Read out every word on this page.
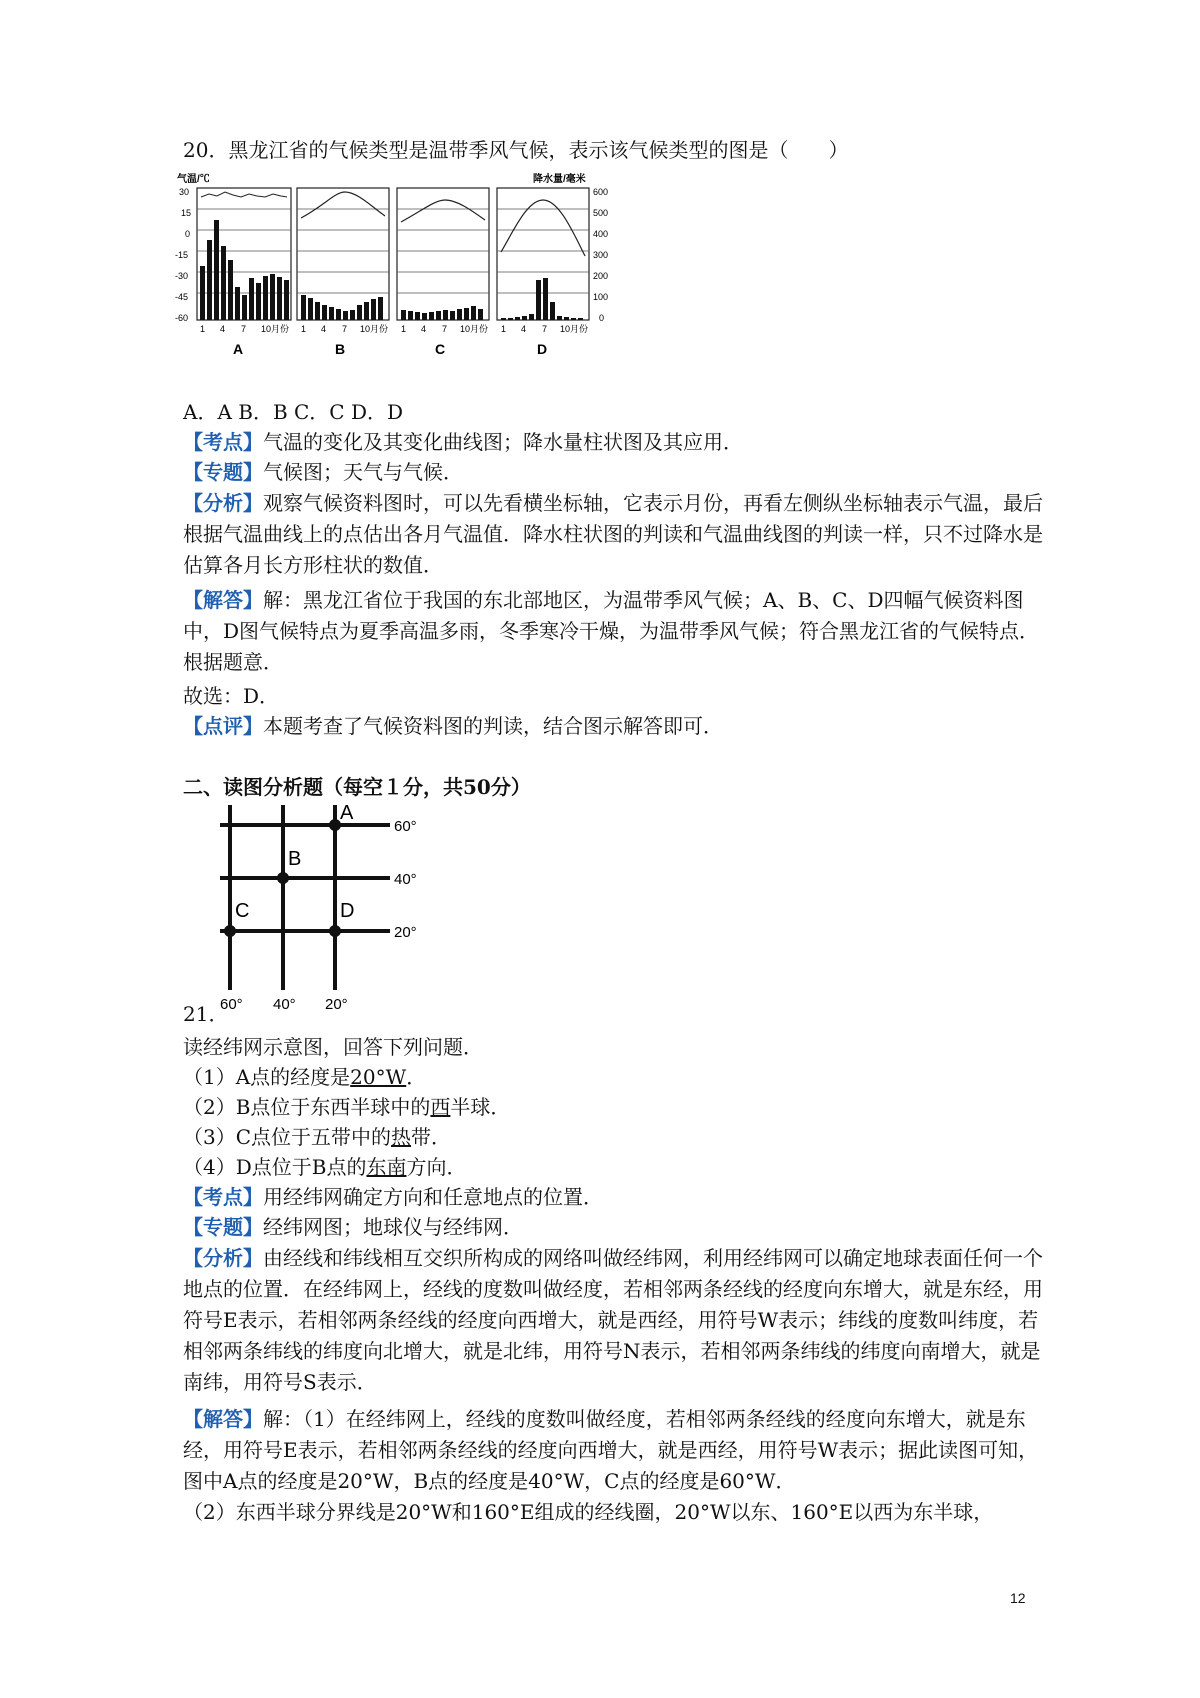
20．黑龙江省的气候类型是温带季风气候，表示该气候类型的图是（　　）
气温/℃	降水量/毫米
30
15
0
-15
-30
-45
-60
600
500
400
300
200
100
0
1 4 7 10月份 1 4 7 10月份 1 4 7 10月份 1 4 7 10月份
A	B	C	D
A．A B．B C．C D．D
【考点】气温的变化及其变化曲线图；降水量柱状图及其应用．
【专题】气候图；天气与气候．
【分析】观察气候资料图时，可以先看横坐标轴，它表示月份，再看左侧纵坐标轴表示气温，最后根据气温曲线上的点估出各月气温值．降水柱状图的判读和气温曲线图的判读一样，只不过降水是估算各月长方形柱状的数值．
【解答】解：黑龙江省位于我国的东北部地区，为温带季风气候；A、B、C、D四幅气候资料图中，D图气候特点为夏季高温多雨，冬季寒冷干燥，为温带季风气候；符合黑龙江省的气候特点．根据题意．
故选：D．
【点评】本题考查了气候资料图的判读，结合图示解答即可．
二、读图分析题（每空１分，共50分）
A
B
C	D
60°
40°
20°
60° 40° 20°
21．
读经纬网示意图，回答下列问题．
（1）A点的经度是20°W．
（2）B点位于东西半球中的西半球．
（3）C点位于五带中的热带．
（4）D点位于B点的东南方向．
【考点】用经纬网确定方向和任意地点的位置．
【专题】经纬网图；地球仪与经纬网．
【分析】由经线和纬线相互交织所构成的网络叫做经纬网，利用经纬网可以确定地球表面任何一个地点的位置．在经纬网上，经线的度数叫做经度，若相邻两条经线的经度向东增大，就是东经，用符号E表示，若相邻两条经线的经度向西增大，就是西经，用符号W表示；纬线的度数叫纬度，若相邻两条纬线的纬度向北增大，就是北纬，用符号N表示，若相邻两条纬线的纬度向南增大，就是南纬，用符号S表示．
【解答】解：（1）在经纬网上，经线的度数叫做经度，若相邻两条经线的经度向东增大，就是东经，用符号E表示，若相邻两条经线的经度向西增大，就是西经，用符号W表示；据此读图可知，图中A点的经度是20°W，B点的经度是40°W，C点的经度是60°W．
（2）东西半球分界线是20°W和160°E组成的经线圈，20°W以东、160°E以西为东半球，
12
